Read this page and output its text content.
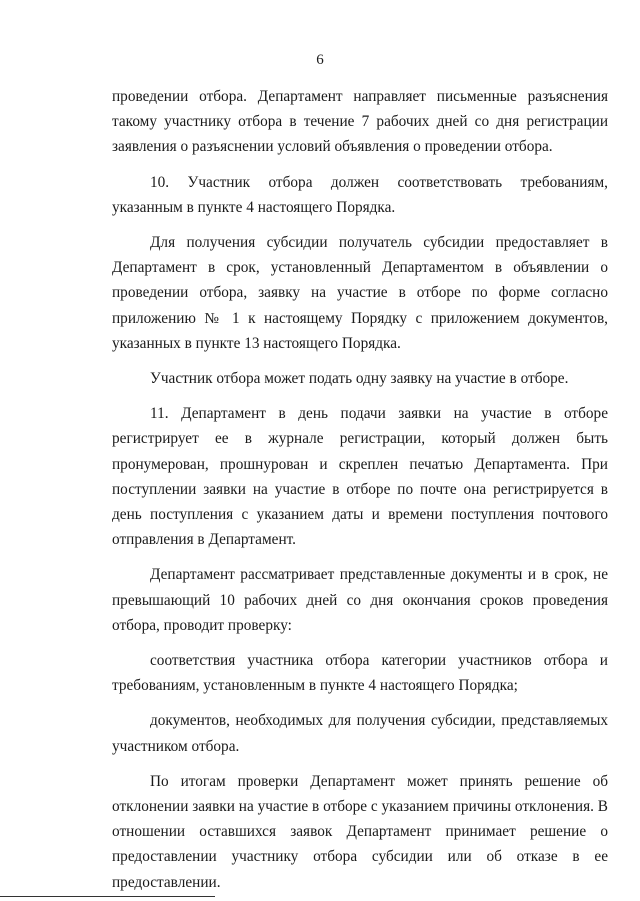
6

проведении отбора. Департамент направляет письменные разъяснения такому участнику отбора в течение 7 рабочих дней со дня регистрации заявления о разъяснении условий объявления о проведении отбора.

10. Участник отбора должен соответствовать требованиям, указанным в пункте 4 настоящего Порядка.

Для получения субсидии получатель субсидии предоставляет в Департамент в срок, установленный Департаментом в объявлении о проведении отбора, заявку на участие в отборе по форме согласно приложению № 1 к настоящему Порядку с приложением документов, указанных в пункте 13 настоящего Порядка.

Участник отбора может подать одну заявку на участие в отборе.

11. Департамент в день подачи заявки на участие в отборе регистрирует ее в журнале регистрации, который должен быть пронумерован, прошнурован и скреплен печатью Департамента. При поступлении заявки на участие в отборе по почте она регистрируется в день поступления с указанием даты и времени поступления почтового отправления в Департамент.

Департамент рассматривает представленные документы и в срок, не превышающий 10 рабочих дней со дня окончания сроков проведения отбора, проводит проверку:

соответствия участника отбора категории участников отбора и требованиям, установленным в пункте 4 настоящего Порядка;

документов, необходимых для получения субсидии, представляемых участником отбора.

По итогам проверки Департамент может принять решение об отклонении заявки на участие в отборе с указанием причины отклонения. В отношении оставшихся заявок Департамент принимает решение о предоставлении участнику отбора субсидии или об отказе в ее предоставлении.
